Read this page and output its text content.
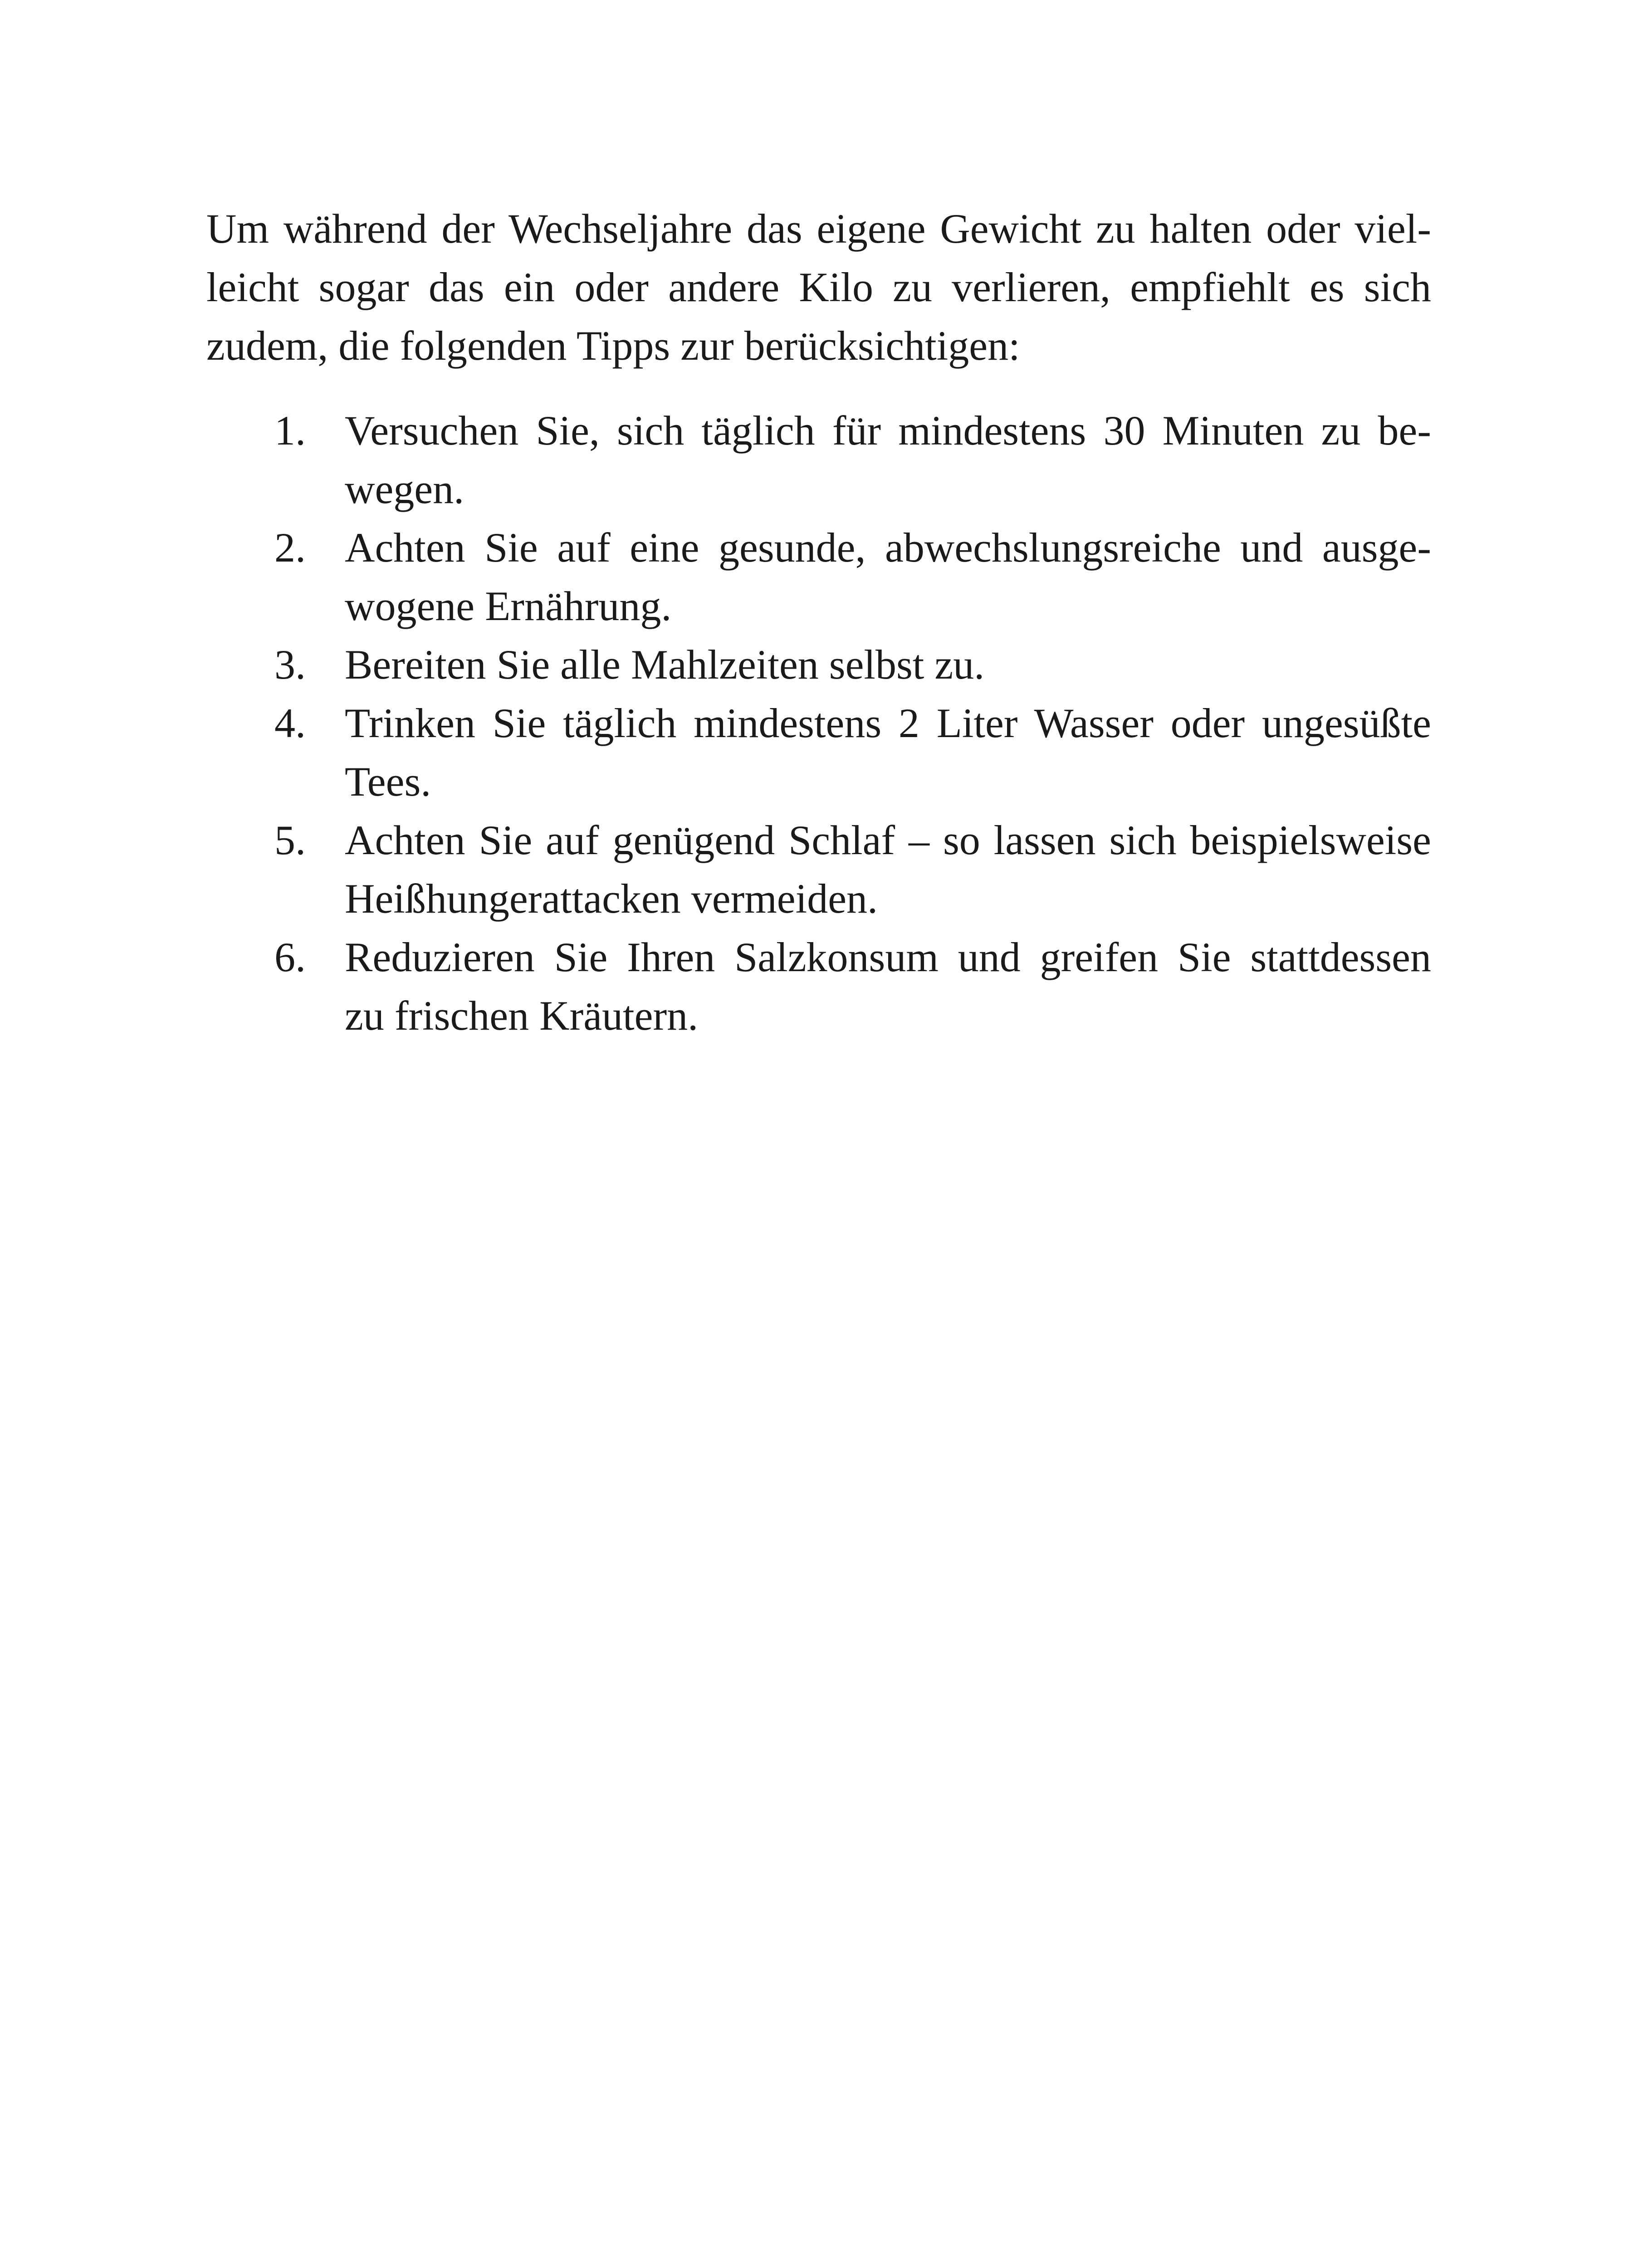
Um während der Wechseljahre das eigene Gewicht zu halten oder viel-
leicht sogar das ein oder andere Kilo zu verlieren, empfiehlt es sich
zudem, die folgenden Tipps zur berücksichtigen:

1. Versuchen Sie, sich täglich für mindestens 30 Minuten zu be-
wegen.
2. Achten Sie auf eine gesunde, abwechslungsreiche und ausge-
wogene Ernährung.
3. Bereiten Sie alle Mahlzeiten selbst zu.
4. Trinken Sie täglich mindestens 2 Liter Wasser oder ungesüßte
Tees.
5. Achten Sie auf genügend Schlaf – so lassen sich beispielsweise
Heißhungerattacken vermeiden.
6. Reduzieren Sie Ihren Salzkonsum und greifen Sie stattdessen
zu frischen Kräutern.
